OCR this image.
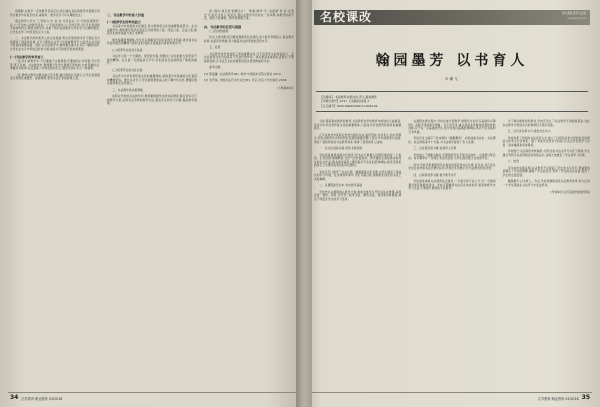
的理解,在教学一定的教学目标定位,我们重在目标的数学中逐渐引导学生教学中有信息技术,重视每一类学生学习中兴趣的发生。

职业教育与学生'工学结合'中,以'以'为目标点,'口'字的位置教育,以'六'字为核心的教学目标,'八'字的表现为'之'字的字形,'四'字为表现的字的结构特点,教师在教学中,注重了知识点的联系与学生学习兴趣的激发,让学生在学习中感受到汉字之美。

二、书法教学的审美育人的文化渗透,用这些规律的书写习惯在其方面得到了提高和发展,书写习惯是书法学习中的重要环节,也是学生书写能力形成的重要基础。因此,在书法教学中,教师要注重学生书写习惯的培养,让学生在书写中养成良好的习惯,提高书写的规范性和美观度。

(一)书法教学的审美育人

一是,我们的教学中,不仅要做子认真观察,还要做到心中有数,手中有笔,笔下有神。书法教学中,教师要引导学生观察字形结构,分析笔画特点,掌握书写规律,在反复练习中形成肌肉记忆,最终达到心手合一的境界。

二是,教师在教学中要注重示范引领,通过现场书写演示,让学生直观感受运笔的轻重缓急、提按顿挫,感受书法艺术的韵律之美。

二、书法教学中的育人价值
(一)培养学生的审美能力

书法是中华民族的文化瑰宝,是中国传统文化的重要组成部分。在书法教学中,教师要引导学生感受汉字的形体之美、线条之美、章法之美,提高学生的审美能力和艺术修养。

通过临摹经典碑帖,学生可以领略到不同书家的艺术风格,体会到书法作品中蕴含的精神气质和文化内涵,从而提高自身的审美水平。

(二)培养学生的意志品质

书法学习是一个长期的、艰苦的过程,需要持之以恒的毅力和坚韧不拔的精神。在日复一日的临池习字中,学生的意志品质得到了锻炼和提升。

(三)培养学生的文化自信

书法作为中华优秀传统文化的重要载体,承载着中华民族的文化基因和精神密码。通过书法学习,学生能够更加深入地了解中华文化,增强民族自豪感和文化自信心。

三、书法教学的实施策略

在职业学校的书法教学中,教师要根据学生的实际情况,制定切实可行的教学方案,采用灵活多样的教学方法,激发学生的学习兴趣,提高教学效果。

间',提出'真正的'的概念方'、'转第)教学'写',在最新'育'后,在更全'写'的行为育人'的意见,我们在教学中仍存在一些问题,如教学时间不足、师资力量薄弱、教学资源匮乏等。

四、书法教学的反思与展望

(二)改进的措施

针对上述问题,我们要加强师资队伍建设,加大教学资源投入,保证教学时间,完善评价机制,努力提高书法教学的质量和水平。

五、结语

书法教学是学校美育工作的重要内容,对于培养学生的审美能力、意志品质和文化自信具有不可替代的作用。我们要高度重视书法教学,不断探索创新,让书法艺术在校园里绽放出更加绚丽的光彩。

参考文献:

[1] 陈振濂. 书法教育学[M]. 杭州:中国美术学院出版社,2010.

[2] 金开诚. 中国书法艺术与文化[M]. 北京:北京大学出版社,2008.

(下转第36页)
34 江苏教育·职业教育 03/2016
名校课改	特色课程 教育专业版
www.jsjyzz.com
翰园墨芳 以书育人
叶鹏飞
【关键词】 书法教育;校园文化;育人;素质教育
【中图分类号】G717 【文献标识码】A
【文章编号】1005-6009(2016)11-0035-02

当前,随着素质教育的推进,书法教育在学校教育中的地位日益提高,其作为中华优秀传统文化的重要载体,已经成为学校德育和美育的重要抓手。

江苏省常州市某职业学校自建校以来,始终坚持'以书育人'的办学理念,把书法教育作为学校特色发展的重要突破口,经过多年的探索与实践,形成了独具特色的书法教育体系,取得了显著的育人成效。

一、以文化浸润为基,营造书香校园

学校高度重视校园文化建设,把书法元素融入校园环境的每一个角落。走进校园,翰墨飘香,文化气息扑面而来。教学楼的走廊里悬挂着师生的书法作品,图书馆的墙面上镌刻着历代名家的经典碑帖,就连花园里的景石上也镌刻着隽永的书法题词。

学校还专门建设了书法长廊、翰墨园等文化景观,为学生提供了浸润式的学习环境。在这样的环境中,学生耳濡目染,潜移默化地受到书法艺术的熏陶。

二、以课程建设为本,夯实教学基础

学校把书法课程纳入教学计划,面向全体学生开设书法必修课,每周安排一课时。同时,还开设了软笔书法、硬笔书法、篆刻等选修课程,满足不同层次学生的学习需求。

在课程实施过程中,学校注重分层教学,根据学生的书写基础和兴趣特长,采取不同的教学策略。对于初学者,重点抓基本笔画和间架结构的训练;对于有一定基础的学生,则引导他们临摹经典碑帖,体会不同书体的艺术风格。

学校还自主编写了校本教材《翰墨飘香》,内容涵盖书法史、书法理论、技法训练等多个方面,为书法教学提供了有力支撑。

三、以社团活动为翼,拓展育人空间

学校成立了翰墨书画社,定期组织学生开展书法创作、交流研讨等活动。每学期举办一次师生书法作品展,为学生提供展示自我的平台。

此外,学校还积极组织学生参加各级各类书法比赛,近年来,有百余名学生在省市级书法比赛中获奖,学校也多次被评为'书法教育特色学校'。

四、以师资培养为要,提升教学水平

学校高度重视书法师资队伍建设,一方面引进专业人才,另一方面加强对现有教师的培训。学校定期邀请书法名家来校讲学,组织教师外出学习交流,不断提升教师的专业素养。

为了调动教师的积极性,学校还设立了书法教学专项奖励基金,对在书法教学中表现突出的教师给予表彰奖励。

五、以评价改革为引,激发内生动力

学校改革了传统的书法评价方式,建立了过程性评价与终结性评价相结合的多元评价体系。除了考查学生的书写技能,还关注学生的学习态度、进步幅度和审美素养。

学校推行'书法等级考核制度',将学生的书法水平分为若干等级,学生通过考核可以获得相应的等级证书,这极大地激发了学生的学习热情。

六、结语

多年来的实践证明,书法教育不仅提高了学生的书写水平,更重要的是陶冶了学生的情操,磨砺了学生的意志,培养了学生的文化自信,促进了学生的全面发展。

翰园墨芳,以书育人。今后,学校将继续深化书法教育改革,努力让每一个学生都能在书法学习中受益终身。

(作者单位:江苏省常州技师学院)
江苏教育·职业教育 03/2016 35
